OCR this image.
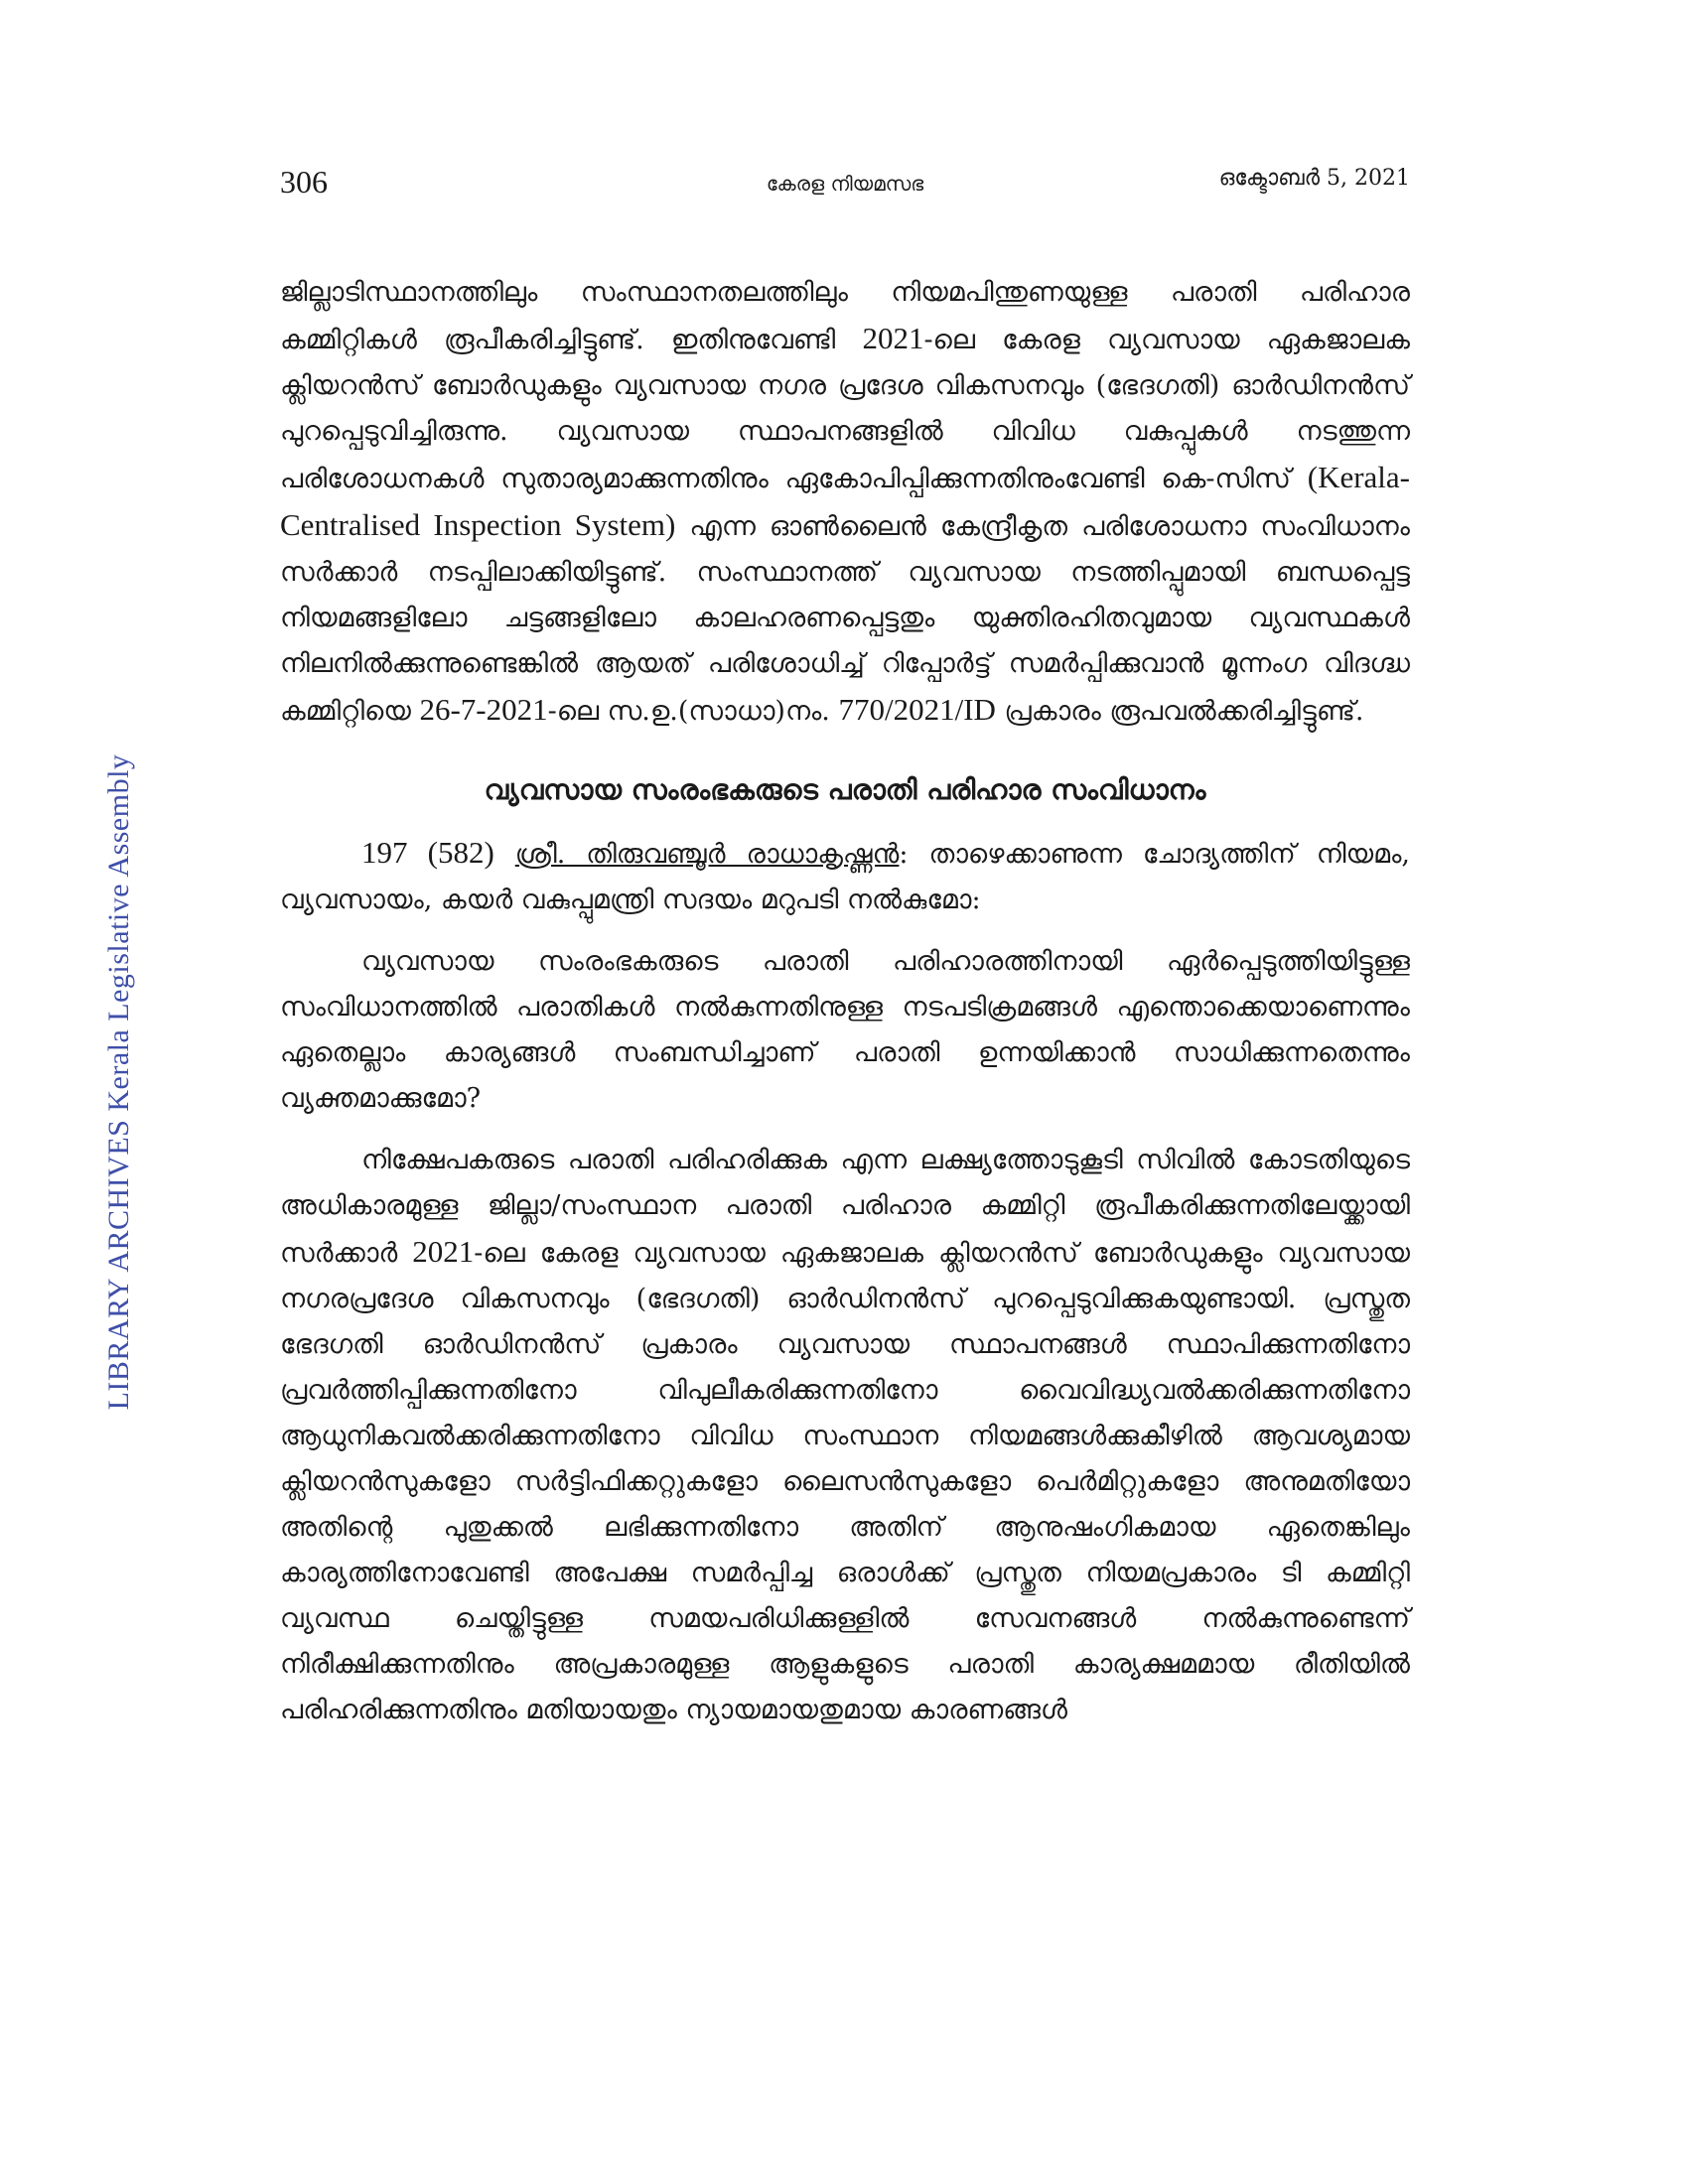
LIBRARY ARCHIVES Kerala Legislative Assembly
306	കേരള നിയമസഭ	ഒക്ടോബർ 5, 2021

ജില്ലാടിസ്ഥാനത്തിലും സംസ്ഥാനതലത്തിലും നിയമപിന്തുണയുള്ള പരാതി പരിഹാര കമ്മിറ്റികൾ രൂപീകരിച്ചിട്ടുണ്ട്. ഇതിനുവേണ്ടി 2021-ലെ കേരള വ്യവസായ ഏകജാലക ക്ലിയറൻസ് ബോർഡുകളും വ്യവസായ നഗര പ്രദേശ വികസനവും (ഭേദഗതി) ഓർഡിനൻസ് പുറപ്പെടുവിച്ചിരുന്നു. വ്യവസായ സ്ഥാപനങ്ങളിൽ വിവിധ വകുപ്പുകൾ നടത്തുന്ന പരിശോധനകൾ സുതാര്യമാക്കുന്നതിനും ഏകോപിപ്പിക്കുന്നതിനുംവേണ്ടി കെ-സിസ് (Kerala-Centralised Inspection System) എന്ന ഓൺലൈൻ കേന്ദ്രീകൃത പരിശോധനാ സംവിധാനം സർക്കാർ നടപ്പിലാക്കിയിട്ടുണ്ട്. സംസ്ഥാനത്ത് വ്യവസായ നടത്തിപ്പുമായി ബന്ധപ്പെട്ട നിയമങ്ങളിലോ ചട്ടങ്ങളിലോ കാലഹരണപ്പെട്ടതും യുക്തിരഹിതവുമായ വ്യവസ്ഥകൾ നിലനിൽക്കുന്നുണ്ടെങ്കിൽ ആയത് പരിശോധിച്ച് റിപ്പോർട്ട് സമർപ്പിക്കുവാൻ മൂന്നംഗ വിദഗ്ദ്ധ കമ്മിറ്റിയെ 26-7-2021-ലെ സ.ഉ.(സാധാ)നം. 770/2021/ID പ്രകാരം രൂപവൽക്കരിച്ചിട്ടുണ്ട്.

വ്യവസായ സംരംഭകരുടെ പരാതി പരിഹാര സംവിധാനം

197 (582) ശ്രീ. തിരുവഞ്ചൂർ രാധാകൃഷ്ണൻ: താഴെക്കാണുന്ന ചോദ്യത്തിന് നിയമം, വ്യവസായം, കയർ വകുപ്പുമന്ത്രി സദയം മറുപടി നൽകുമോ:

വ്യവസായ സംരംഭകരുടെ പരാതി പരിഹാരത്തിനായി ഏർപ്പെടുത്തിയിട്ടുള്ള സംവിധാനത്തിൽ പരാതികൾ നൽകുന്നതിനുള്ള നടപടിക്രമങ്ങൾ എന്തൊക്കെയാണെന്നും ഏതെല്ലാം കാര്യങ്ങൾ സംബന്ധിച്ചാണ് പരാതി ഉന്നയിക്കാൻ സാധിക്കുന്നതെന്നും വ്യക്തമാക്കുമോ?

നിക്ഷേപകരുടെ പരാതി പരിഹരിക്കുക എന്ന ലക്ഷ്യത്തോടുകൂടി സിവിൽ കോടതിയുടെ അധികാരമുള്ള ജില്ലാ/സംസ്ഥാന പരാതി പരിഹാര കമ്മിറ്റി രൂപീകരിക്കുന്നതിലേയ്ക്കായി സർക്കാർ 2021-ലെ കേരള വ്യവസായ ഏകജാലക ക്ലിയറൻസ് ബോർഡുകളും വ്യവസായ നഗരപ്രദേശ വികസനവും (ഭേദഗതി) ഓർഡിനൻസ് പുറപ്പെടുവിക്കുകയുണ്ടായി. പ്രസ്തുത ഭേദഗതി ഓർഡിനൻസ് പ്രകാരം വ്യവസായ സ്ഥാപനങ്ങൾ സ്ഥാപിക്കുന്നതിനോ പ്രവർത്തിപ്പിക്കുന്നതിനോ വിപുലീകരിക്കുന്നതിനോ വൈവിദ്ധ്യവൽക്കരിക്കുന്നതിനോ ആധുനികവൽക്കരിക്കുന്നതിനോ വിവിധ സംസ്ഥാന നിയമങ്ങൾക്കുകീഴിൽ ആവശ്യമായ ക്ലിയറൻസുകളോ സർട്ടിഫിക്കറ്റുകളോ ലൈസൻസുകളോ പെർമിറ്റുകളോ അനുമതിയോ അതിന്റെ പുതുക്കൽ ലഭിക്കുന്നതിനോ അതിന് ആനുഷംഗികമായ ഏതെങ്കിലും കാര്യത്തിനോവേണ്ടി അപേക്ഷ സമർപ്പിച്ച ഒരാൾക്ക് പ്രസ്തുത നിയമപ്രകാരം ടി കമ്മിറ്റി വ്യവസ്ഥ ചെയ്തിട്ടുള്ള സമയപരിധിക്കുള്ളിൽ സേവനങ്ങൾ നൽകുന്നുണ്ടെന്ന് നിരീക്ഷിക്കുന്നതിനും അപ്രകാരമുള്ള ആളുകളുടെ പരാതി കാര്യക്ഷമമായ രീതിയിൽ പരിഹരിക്കുന്നതിനും മതിയായതും ന്യായമായതുമായ കാരണങ്ങൾ
